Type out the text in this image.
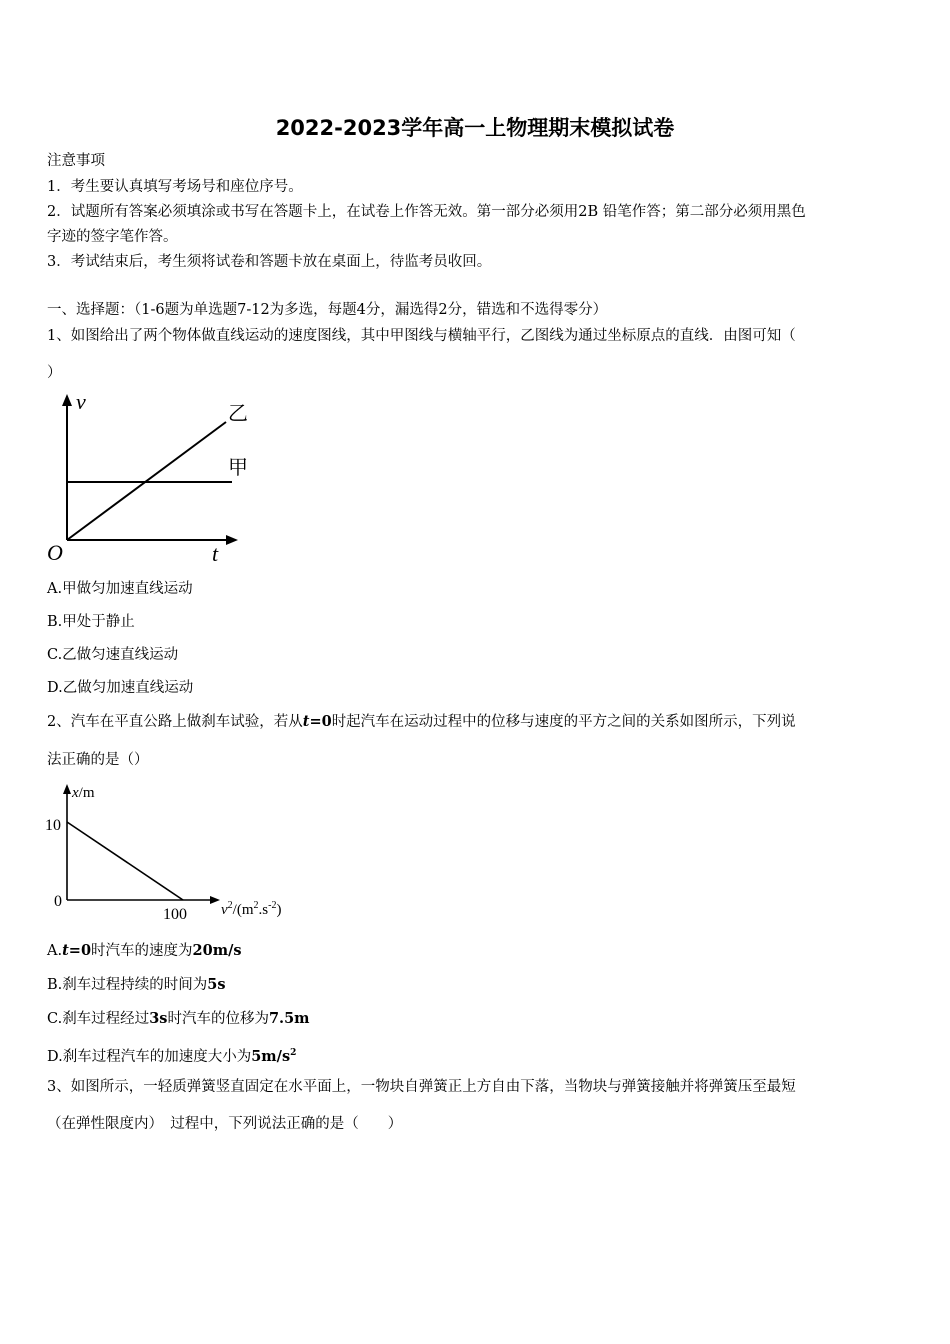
2022-2023学年高一上物理期末模拟试卷
注意事项
1．考生要认真填写考场号和座位序号。
2．试题所有答案必须填涂或书写在答题卡上，在试卷上作答无效。第一部分必须用2B 铅笔作答；第二部分必须用黑色
字迹的签字笔作答。
3．考试结束后，考生须将试卷和答题卡放在桌面上，待监考员收回。
一、选择题：（1-6题为单选题7-12为多选，每题4分，漏选得2分，错选和不选得零分）
1、如图给出了两个物体做直线运动的速度图线，其中甲图线与横轴平行，乙图线为通过坐标原点的直线．由图可知（
）
v
t
O
乙
甲
A.甲做匀加速直线运动
B.甲处于静止
C.乙做匀速直线运动
D.乙做匀加速直线运动
2、汽车在平直公路上做刹车试验，若从t=0时起汽车在运动过程中的位移与速度的平方之间的关系如图所示，下列说
法正确的是（）
x/m
10
0
100 $v^2/(m^2.s^{-2})$
A.t=0时汽车的速度为20m/s
B.刹车过程持续的时间为5s
C.刹车过程经过3s时汽车的位移为7.5m
D.刹车过程汽车的加速度大小为$5m/s^2$
3、如图所示，一轻质弹簧竖直固定在水平面上，一物块自弹簧正上方自由下落，当物块与弹簧接触并将弹簧压至最短
（在弹性限度内）　过程中，下列说法正确的是（　　）
